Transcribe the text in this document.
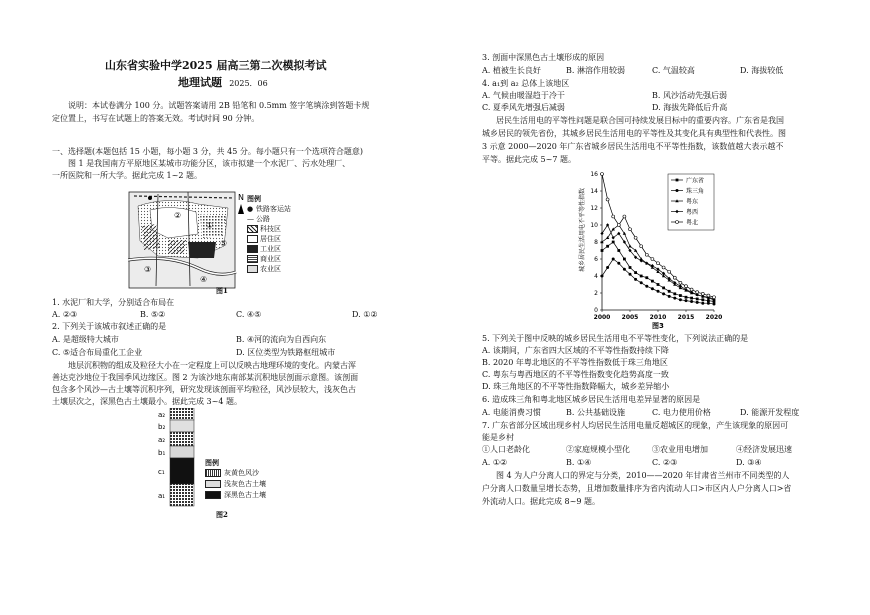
山东省实验中学2025 届高三第二次模拟考试
地理试题 2025．06
说明：本试卷满分 100 分。试题答案请用 2B 铅笔和 0.5mm 签字笔填涂到答题卡规
定位置上，书写在试题上的答案无效。考试时间 90 分钟。
一、选择题(本题包括 15 小题，每小题 3 分，共 45 分。每小题只有一个选项符合题意)
图 1 是我国南方平原地区某城市功能分区，该市拟建一个水泥厂、污水处理厂、
一所医院和一所大学。据此完成 1~2 题。
①
②
③
④
⑤
N 图例
● 铁路客运站
— 公路
科技区
居住区
工业区
商业区
农业区
图1
1. 水泥厂和大学，分别适合布局在
A. ②③	B. ⑤②	C. ④⑤	D. ①②
2. 下列关于该城市叙述正确的是
A. 是超级特大城市	B. ④河的流向为自西向东
C. ⑤适合布局重化工企业	D. 区位类型为铁路枢纽城市
地层沉积物的组成及粒径大小在一定程度上可以反映古地理环境的变化。内蒙古浑
善达克沙地位于我国季风边缘区。图 2 为该沙地东南部某沉积地层剖面示意图。该剖面
包含多个风沙—古土壤等沉积序列，研究发现该剖面平均粒径，风沙层较大，浅灰色古
土壤层次之，深黑色古土壤最小。据此完成 3~4 题。
a₂
b₂
a₂
b₁
c₁
a₁
图例
灰黄色风沙
浅灰色古土壤
深黑色古土壤
图2
3. 剖面中深黑色古土壤形成的原因
A. 植被生长良好	B. 淋溶作用较弱	C. 气温较高	D. 海拔较低
4. a₁到 a₂ 总体上该地区
A. 气候由暖湿趋于冷干	B. 风沙活动先强后弱
C. 夏季风先增强后减弱	D. 海拔先降低后升高
居民生活用电的平等性问题是联合国可持续发展目标中的重要内容。广东省是我国
城乡居民的领先省份，其城乡居民生活用电的平等性及其变化具有典型性和代表性。图
3 示意 2000—2020 年广东省城乡居民生活用电不平等性指数，该数值越大表示越不
平等。据此完成 5~7 题。
城乡居民生活用电不平等性指数
0
2
4
6
8
10
12
14
16
2000 2005 2010 2015 2020
广东省
珠三角
粤东
粤西
粤北
图3
5. 下列关于图中反映的城乡居民生活用电不平等性变化，下列说法正确的是
A. 该期间，广东省四大区域的不平等性指数持续下降
B. 2020 年粤北地区的不平等性指数低于珠三角地区
C. 粤东与粤西地区的不平等性指数变化趋势高度一致
D. 珠三角地区的不平等性指数降幅大，城乡差异缩小
6. 造成珠三角和粤北地区城乡居民生活用电差异显著的原因是
A. 电能消费习惯	B. 公共基础设施	C. 电力使用价格	D. 能源开发程度
7. 广东省部分区域出现乡村人均居民生活用电量反超城区的现象，产生该现象的原因可
能是乡村
①人口老龄化	②家庭规模小型化	③农业用电增加	④经济发展迅速
A. ①②	B. ①④	C. ②③	D. ③④
图 4 为人户分离人口的界定与分类，2010——2020 年甘肃省兰州市不同类型的人
户分离人口数量呈增长态势，且增加数量排序为省内流动人口>市区内人户分离人口>省
外流动人口。据此完成 8~9 题。
